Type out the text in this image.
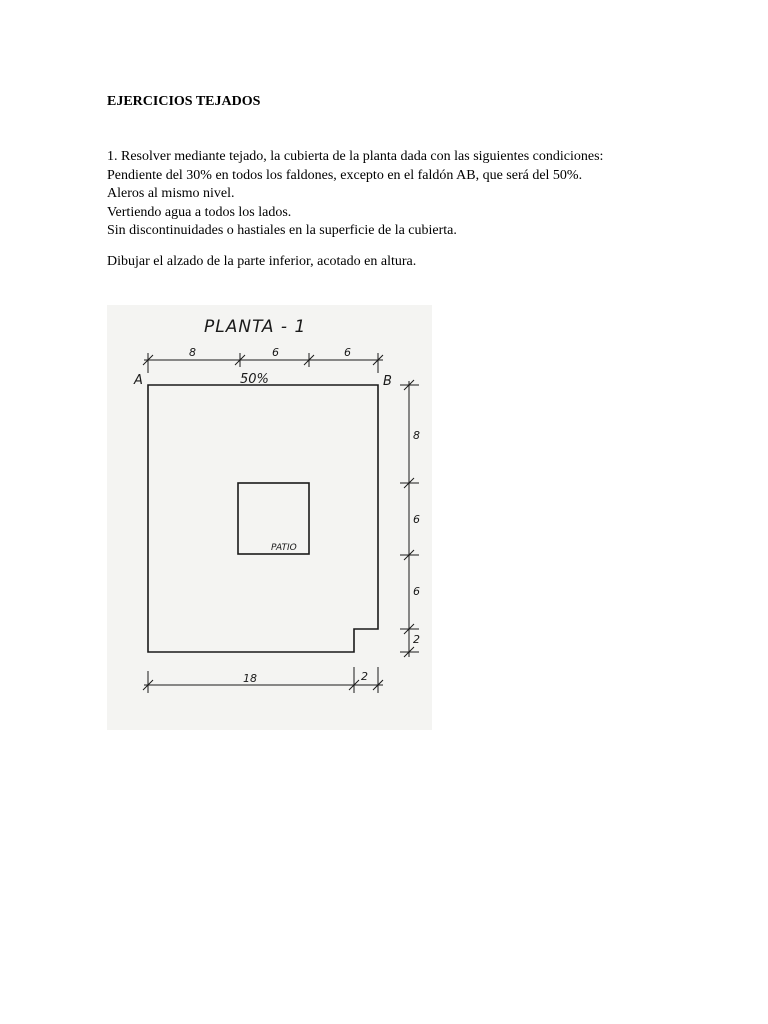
EJERCICIOS TEJADOS
1. Resolver mediante tejado, la cubierta de la planta dada con las siguientes condiciones:
Pendiente del 30% en todos los faldones, excepto en el faldón AB, que será del 50%.
Aleros al mismo nivel.
Vertiendo agua a todos los lados.
Sin discontinuidades o hastiales en la superficie de la cubierta.
Dibujar el alzado de la parte inferior, acotado en altura.
PLANTA - 1
A	B
50%
PATIO
8	6	6
8
6
6
2
18	2
